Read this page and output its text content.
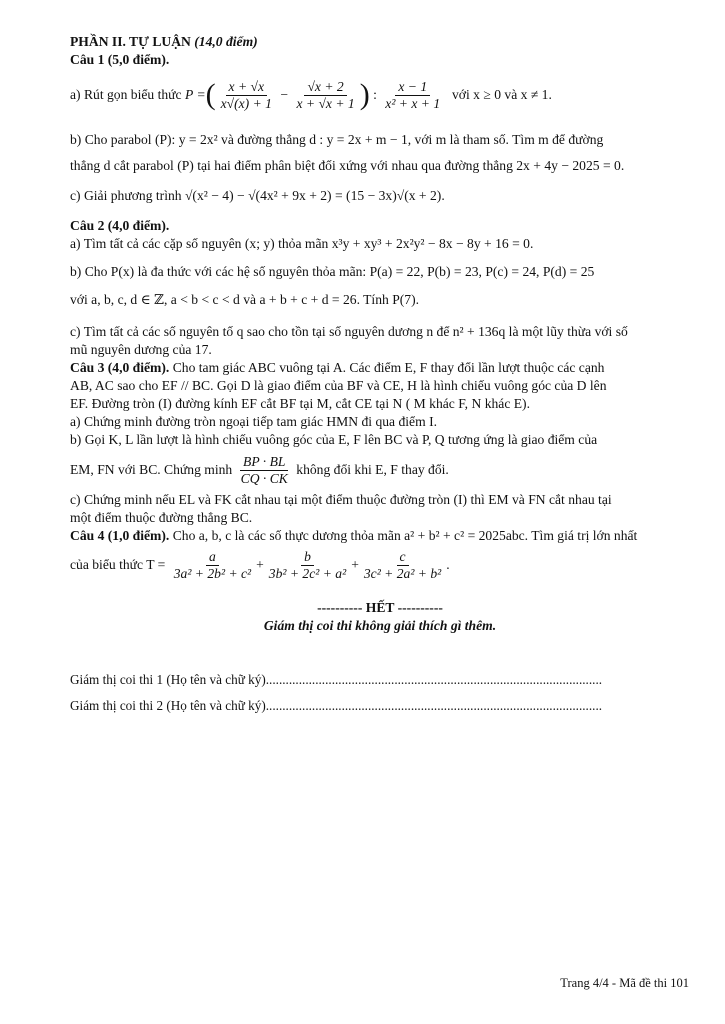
PHẦN II. TỰ LUẬN (14,0 điểm)

Câu 1 (5,0 điểm).

a) Rút gọn biểu thức
P = ( $\frac{x + √x}{x√(x) + 1} - \frac{√x + 2}{x + √x + 1}$ ) : $\frac{x - 1}{\text{x² + x + 1}}$
với x ≥ 0 và x ≠ 1.

b) Cho parabol (P): y = 2x² và đường thẳng d : y = 2x + m − 1, với m là tham số. Tìm m để đường

thẳng d cắt parabol (P) tại hai điểm phân biệt đối xứng với nhau qua đường thẳng 2x + 4y − 2025 = 0.

c) Giải phương trình √(x² − 4) − √(4x² + 9x + 2) = (15 − 3x)√(x + 2).

Câu 2 (4,0 điểm).

a) Tìm tất cả các cặp số nguyên (x; y) thỏa mãn x³y + xy³ + 2x²y² − 8x − 8y + 16 = 0.

b) Cho P(x) là đa thức với các hệ số nguyên thỏa mãn: P(a) = 22, P(b) = 23, P(c) = 24, P(d) = 25

với a, b, c, d ∈ ℤ, a < b < c < d và a + b + c + d = 26. Tính P(7).

c) Tìm tất cả các số nguyên tố q sao cho tồn tại số nguyên dương n để n² + 136q là một lũy thừa với số

mũ nguyên dương của 17.

Câu 3 (4,0 điểm). Cho tam giác ABC vuông tại A. Các điểm E, F thay đổi lần lượt thuộc các cạnh

AB, AC sao cho EF // BC. Gọi D là giao điểm của BF và CE, H là hình chiếu vuông góc của D lên

EF. Đường tròn (I) đường kính EF cắt BF tại M, cắt CE tại N ( M khác F, N khác E).

a) Chứng minh đường tròn ngoại tiếp tam giác HMN đi qua điểm I.

b) Gọi K, L lần lượt là hình chiếu vuông góc của E, F lên BC và P, Q tương ứng là giao điểm của

EM, FN với BC. Chứng minh
$\frac{BP \cdot BL}{CQ \cdot CK}$
không đổi khi E, F thay đổi.

c) Chứng minh nếu EL và FK cắt nhau tại một điểm thuộc đường tròn (I) thì EM và FN cắt nhau tại

một điểm thuộc đường thẳng BC.

Câu 4 (1,0 điểm). Cho a, b, c là các số thực dương thỏa mãn a² + b² + c² = 2025abc. Tìm giá trị lớn nhất

của biểu thức T =
$\frac{a}{\text{3a² + 2b² + c²}} + \frac{b}{\text{3b² + 2c² + a²}} + \frac{c}{\text{3c² + 2a² + b²}}$ .

---------- HẾT ----------

Giám thị coi thi không giải thích gì thêm.

Giám thị coi thi 1 (Họ tên và chữ ký)......................................................................................................
Giám thị coi thi 2 (Họ tên và chữ ký)......................................................................................................
Trang 4/4 - Mã đề thi 101
